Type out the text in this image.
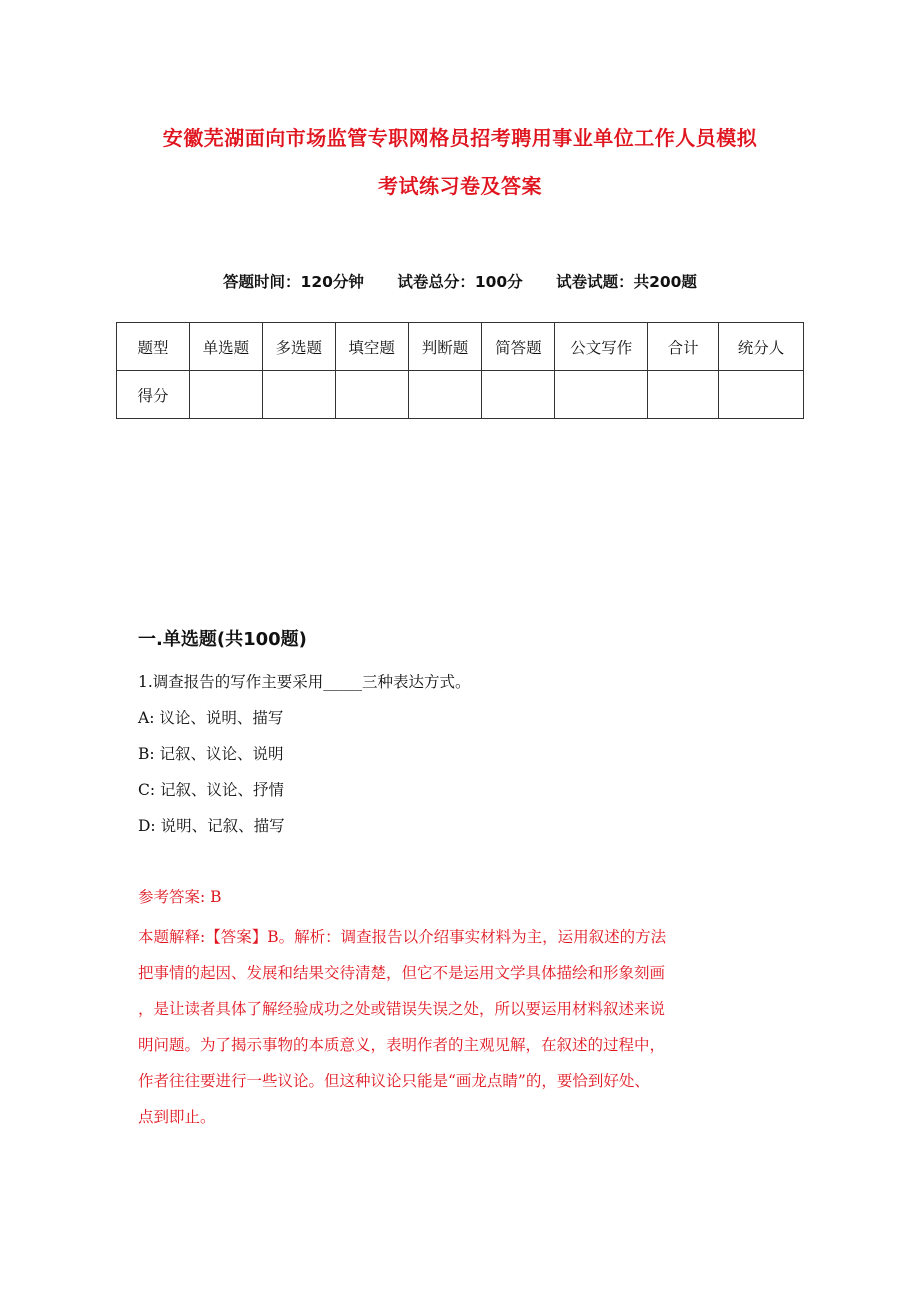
安徽芜湖面向市场监管专职网格员招考聘用事业单位工作人员模拟
考试练习卷及答案
答题时间：120分钟 试卷总分：100分 试卷试题：共200题
题型	单选题	多选题	填空题	判断题	简答题	公文写作	合计	统分人
得分								
一.单选题(共100题)
1.调查报告的写作主要采用_____三种表达方式。
A: 议论、说明、描写
B: 记叙、议论、说明
C: 记叙、议论、抒情
D: 说明、记叙、描写
参考答案: B
本题解释:【答案】B。解析：调查报告以介绍事实材料为主，运用叙述的方法
把事情的起因、发展和结果交待清楚，但它不是运用文学具体描绘和形象刻画
，是让读者具体了解经验成功之处或错误失误之处，所以要运用材料叙述来说
明问题。为了揭示事物的本质意义，表明作者的主观见解，在叙述的过程中，
作者往往要进行一些议论。但这种议论只能是“画龙点睛”的，要恰到好处、
点到即止。
